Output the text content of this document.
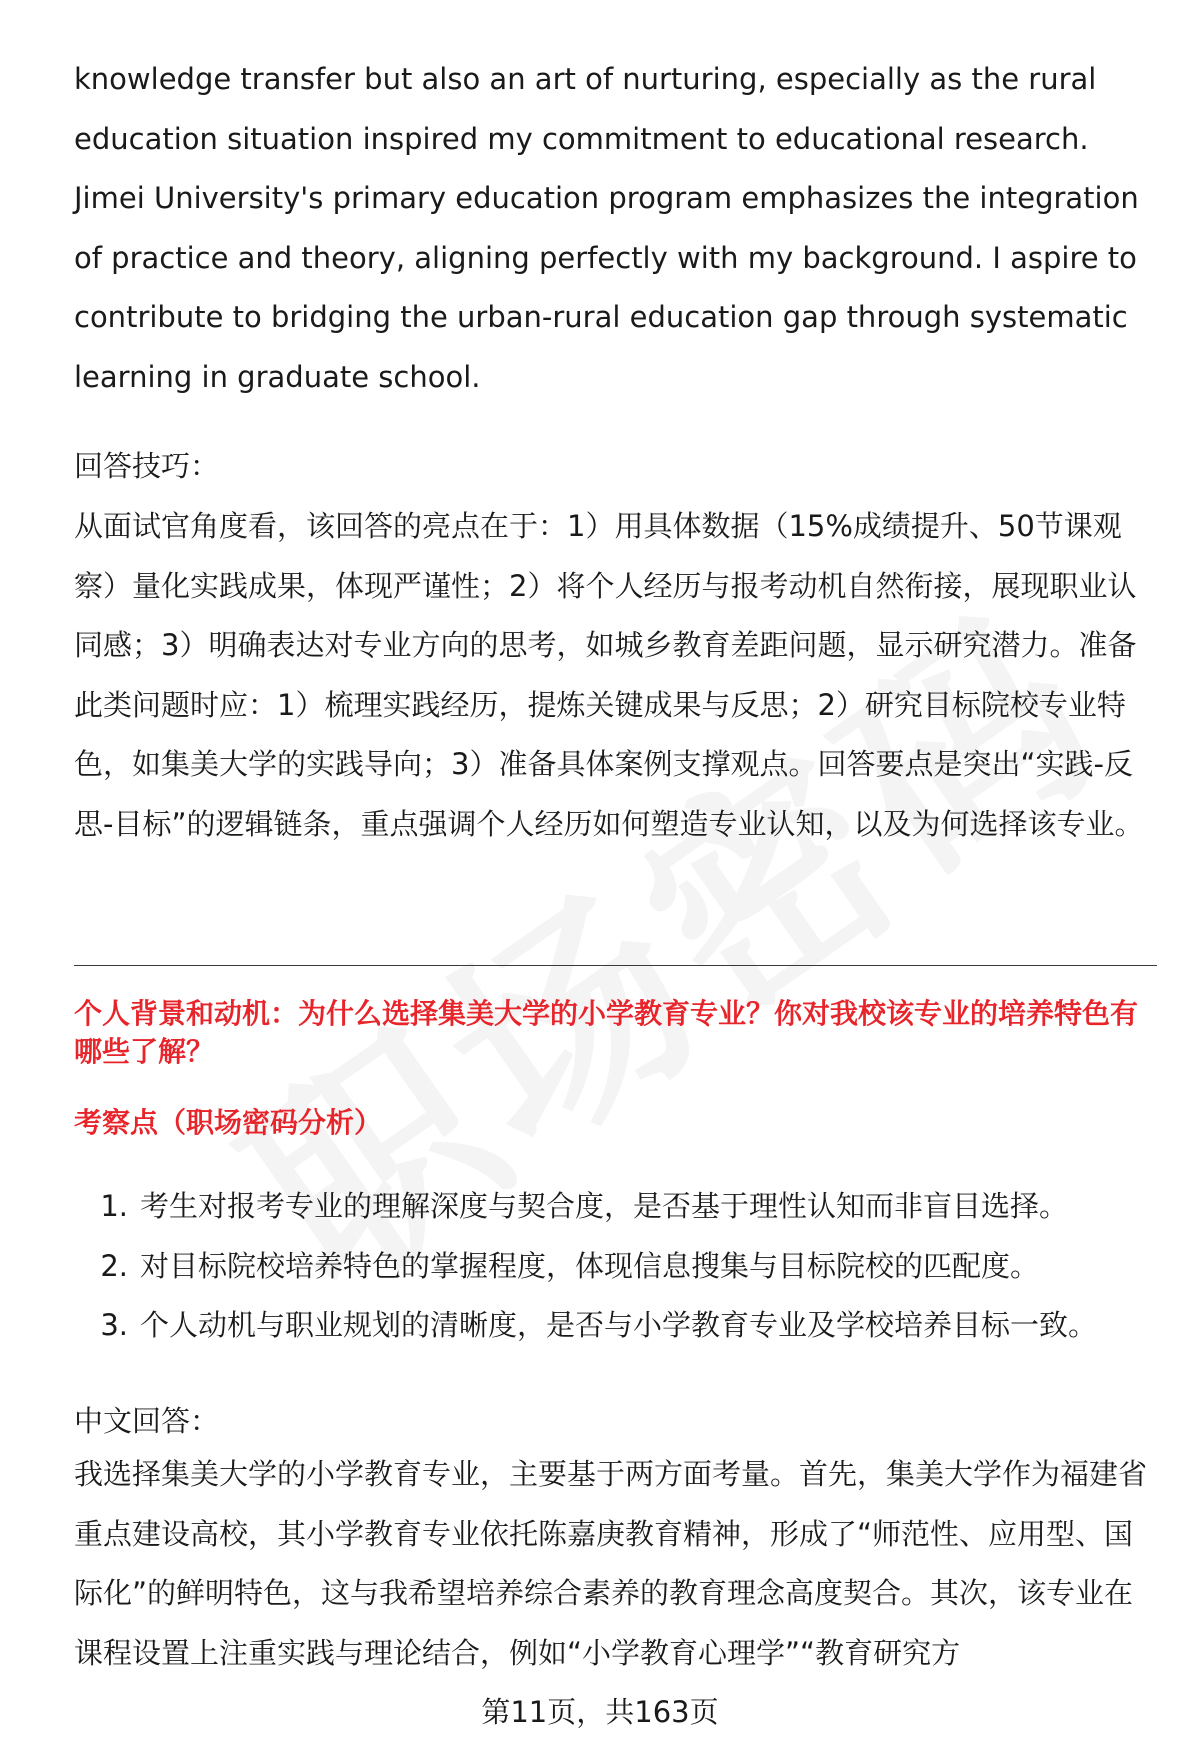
knowledge transfer but also an art of nurturing, especially as the rural education situation inspired my commitment to educational research. Jimei University's primary education program emphasizes the integration of practice and theory, aligning perfectly with my background. I aspire to contribute to bridging the urban-rural education gap through systematic learning in graduate school.

回答技巧：

从面试官角度看，该回答的亮点在于：1）用具体数据（15%成绩提升、50节课观察）量化实践成果，体现严谨性；2）将个人经历与报考动机自然衔接，展现职业认同感；3）明确表达对专业方向的思考，如城乡教育差距问题，显示研究潜力。准备此类问题时应：1）梳理实践经历，提炼关键成果与反思；2）研究目标院校专业特色，如集美大学的实践导向；3）准备具体案例支撑观点。回答要点是突出“实践-反思-目标”的逻辑链条，重点强调个人经历如何塑造专业认知，以及为何选择该专业。

个人背景和动机：为什么选择集美大学的小学教育专业？你对我校该专业的培养特色有哪些了解？

考察点（职场密码分析）

1. 考生对报考专业的理解深度与契合度，是否基于理性认知而非盲目选择。
2. 对目标院校培养特色的掌握程度，体现信息搜集与目标院校的匹配度。
3. 个人动机与职业规划的清晰度，是否与小学教育专业及学校培养目标一致。

中文回答：

我选择集美大学的小学教育专业，主要基于两方面考量。首先，集美大学作为福建省重点建设高校，其小学教育专业依托陈嘉庚教育精神，形成了“师范性、应用型、国际化”的鲜明特色，这与我希望培养综合素养的教育理念高度契合。其次，该专业在课程设置上注重实践与理论结合，例如“小学教育心理学”“教育研究方

第11页，共163页
